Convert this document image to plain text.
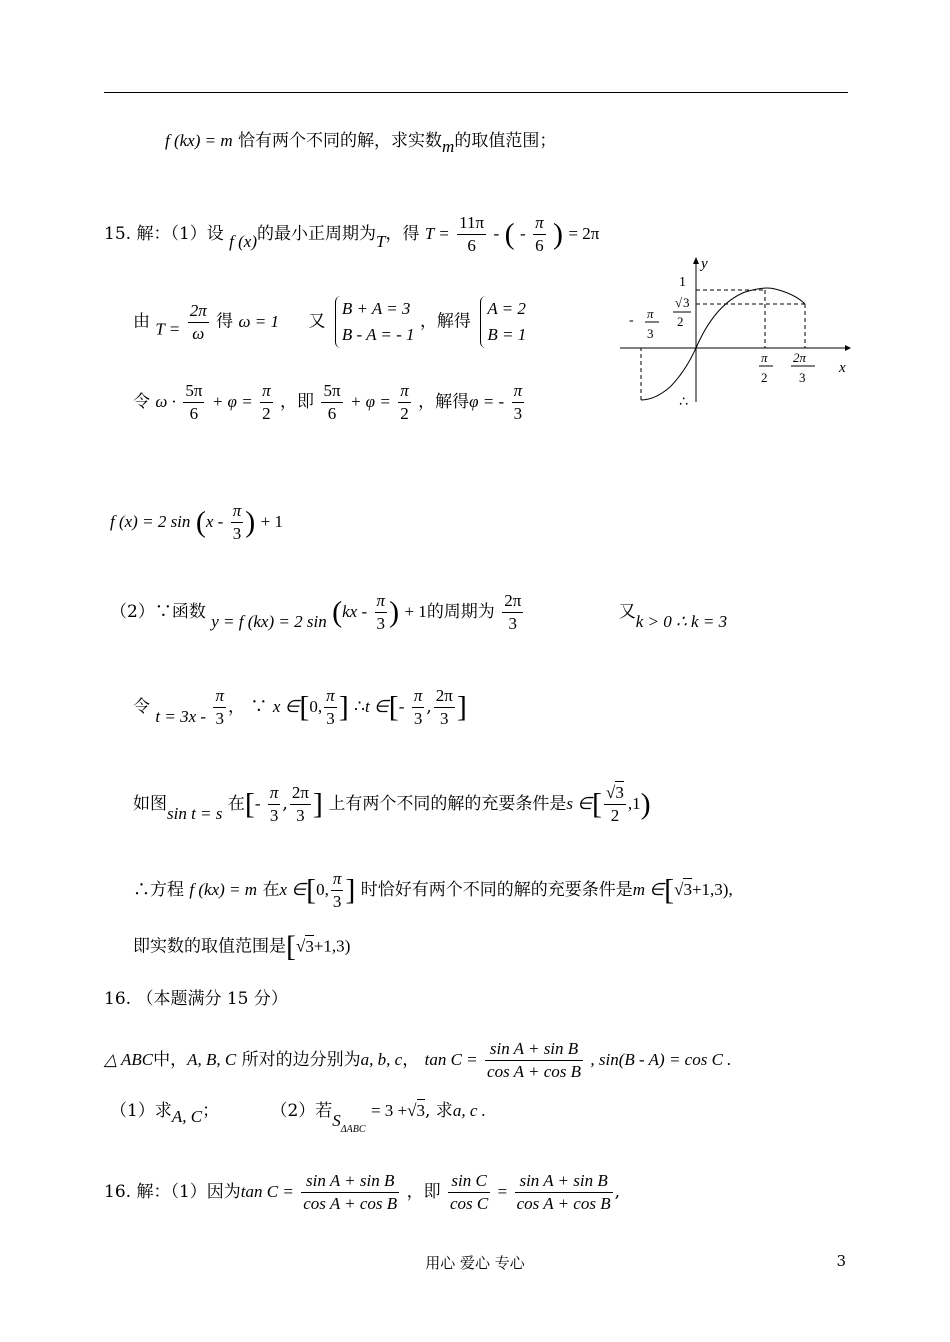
f (kx) = m 恰有两个不同的解，求实数m的取值范围；
15. 解：（1）设 f (x)的最小正周期为T，得 $T = \frac{11\pi}{6}$ - ( - $\frac{\pi}{6}$ ) = 2π
由 $T = \frac{2\pi}{\omega}$ 得 ω = 1 又
B + A = 3
B - A = - 1
，解得
A = 2
B = 1
令 $\omega \cdot \frac{5\pi}{6} + \varphi = \frac{\pi}{2}$ ，即 $\frac{5\pi}{6} + \varphi = \frac{\pi}{2}$ ，解得φ = - $\frac{\pi}{3}$
y
x
1
√ 3
2
- π
3
π
2
2π
3
∴
f (x) = 2 $\sin (x - \frac{\pi}{3}$ ) + 1
（2）∵函数 y = f (kx) = 2 $\sin (kx - \frac{\pi}{3}$ ) + 1的周期为 $\frac{2\pi}{3}$	又k > 0 ∴ k = 3
令 $t = 3x - \frac{\pi}{3}$ ， ∵ x ∈[0, $\frac{\pi}{3}$ ] ∴t ∈[- $\frac{\pi}{3}$ , $\frac{2\pi}{3}$ ]
如图sin t = s 在[- $\frac{\pi}{3}$ , $\frac{2\pi}{3}$ ] 上有两个不同的解的充要条件是s ∈[ $\frac{√3}{2} ,1$)
∴方程 f (kx) = m 在x ∈[0, $\frac{\pi}{3}$ ] 时恰好有两个不同的解的充要条件是m ∈[√3+1,3),
即实数的取值范围是[√3+1,3)
16. （本题满分 15 分）
△ ABC中，A, B, C 所对的边分别为a, b, c， $\tan C = \frac{\text{sin A + sin B}}{\text{cos A + cos B}}$ , sin(B - A) = cos C .
（1）求A, C；	（2）若$S_{\Delta ABC} = 3 +√3$, 求a, c .
16. 解：（1）因为$\tan C = \frac{\text{sin A + sin B}}{\text{cos A + cos B}}$ ，即 $\frac{\text{sin C}}{\text{cos C}} = \frac{\text{sin A + sin B}}{\text{cos A + cos B}}$ ,
用心 爱心 专心	3
